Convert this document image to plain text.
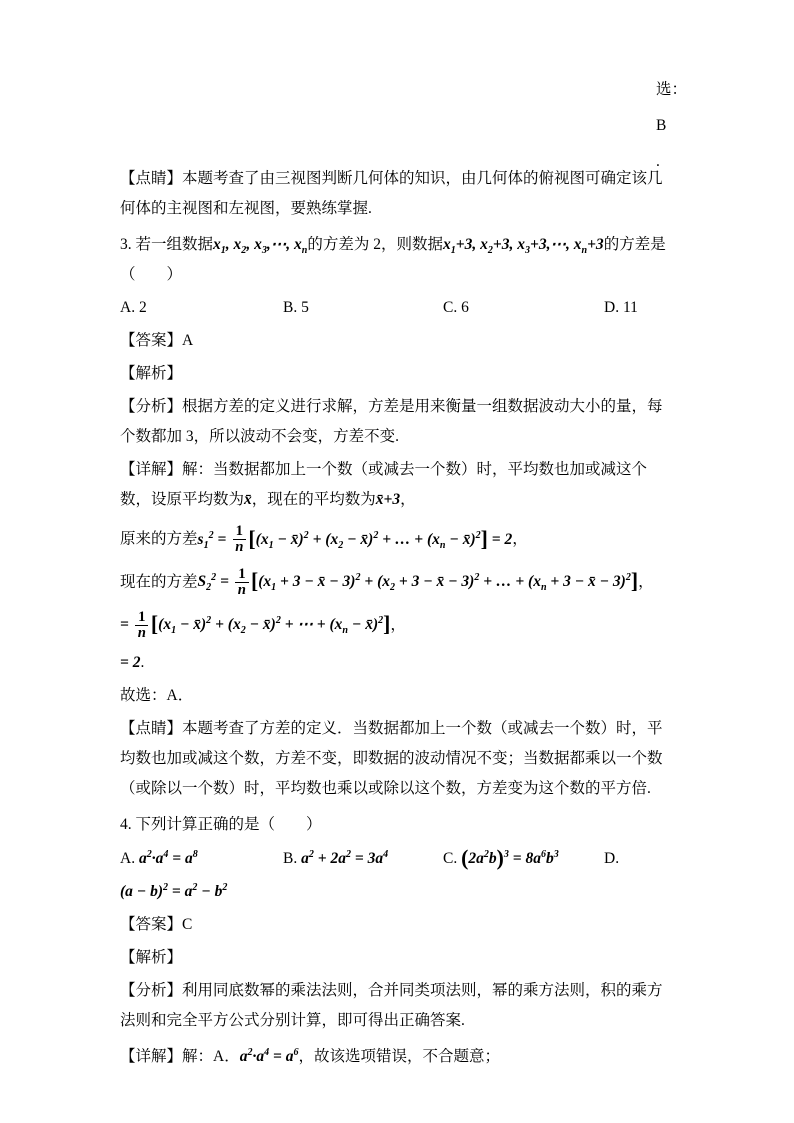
选：
B
.

【点睛】本题考查了由三视图判断几何体的知识，由几何体的俯视图可确定该几何体的主视图和左视图，要熟练掌握.

3. 若一组数据$x_1$, $x_2$, $x_3,\cdots$, $x_n$的方差为 2，则数据$x_1+3$, $x_2+3$, $x_3+3,\cdots$, $x_n+3$的方差是（　　）

A. 2	B. 5	C. 6	D. 11

【答案】A

【解析】

【分析】根据方差的定义进行求解，方差是用来衡量一组数据波动大小的量，每个数都加 3，所以波动不会变，方差不变.

【详解】解：当数据都加上一个数（或减去一个数）时，平均数也加或减这个数，设原平均数为x̄，现在的平均数为x̄+3，

原来的方差$s_1^2 = \frac{1}{n} [(x_1$ − x̄)$^2$ + ($x_2$ − x̄)$^2$ + … + ($x_n$ − x̄)$^2$] = 2，

现在的方差$S_2^2 = \frac{1}{n} [(x_1 + 3$ − x̄ − $3)^2 + (x_2 + 3$ − x̄ − 3)$^2$ + … + ($x_n + 3$ − x̄ − 3)$^2$]，

= $\frac{1}{n} [(x_1$ − x̄)$^2$ + ($x_2$ − x̄)$^2$ + ⋯ + ($x_n$ − x̄)$^2$]，

= 2.

故选：A．

【点睛】本题考查了方差的定义．当数据都加上一个数（或减去一个数）时，平均数也加或减这个数，方差不变，即数据的波动情况不变；当数据都乘以一个数（或除以一个数）时，平均数也乘以或除以这个数，方差变为这个数的平方倍.

4. 下列计算正确的是（　　）

A. $a^2\cdot a^4 = a^8$	B. $a^2 + 2a^2 = 3a^4$	C. $(2a^2b)^3 = 8a^6b^3$	D.

$(a - b)^2 = a^2 - b^2$

【答案】C

【解析】

【分析】利用同底数幂的乘法法则，合并同类项法则，幂的乘方法则，积的乘方法则和完全平方公式分别计算，即可得出正确答案.

【详解】解：A．$a^2\cdot a^4 = a^6$，故该选项错误，不合题意；
